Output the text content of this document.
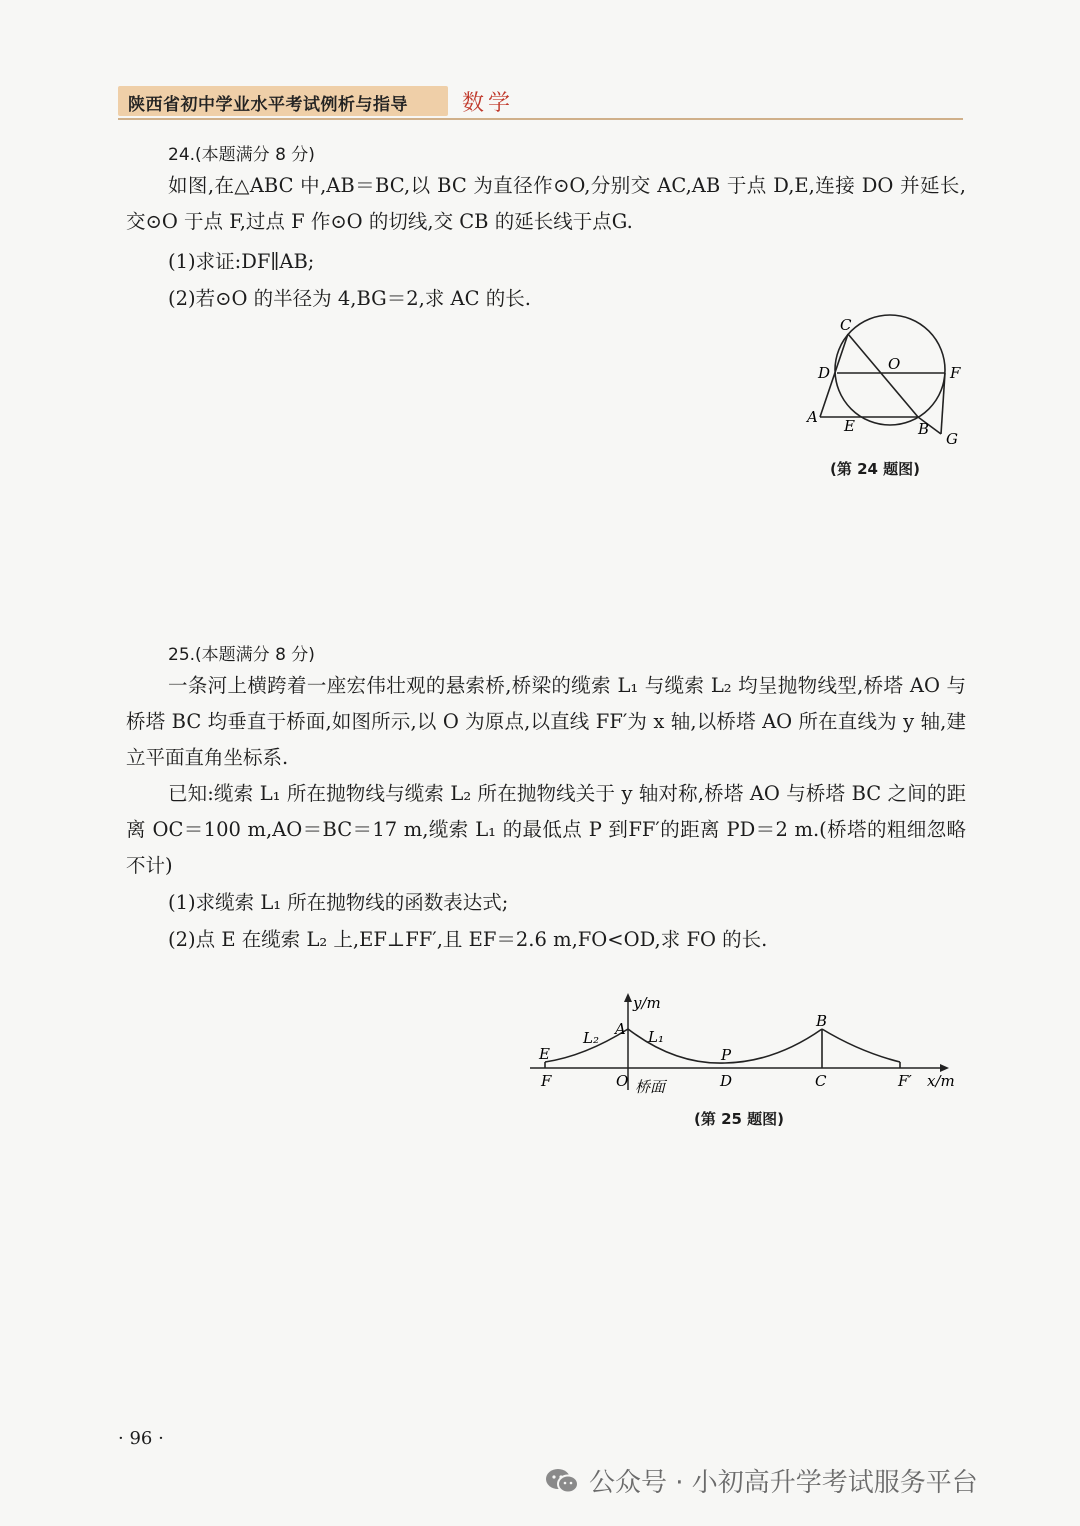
陕西省初中学业水平考试例析与指导 数学
24.(本题满分 8 分)
如图,在△ABC 中,AB＝BC,以 BC 为直径作⊙O,分别交 AC,AB 于点 D,E,连接 DO 并延长,交⊙O 于点 F,过点 F 作⊙O 的切线,交 CB 的延长线于点G.
(1)求证:DF∥AB;
(2)若⊙O 的半径为 4,BG＝2,求 AC 的长.
C
O
D	F
A E	B
G
(第 24 题图)
25.(本题满分 8 分)
一条河上横跨着一座宏伟壮观的悬索桥,桥梁的缆索 L₁ 与缆索 L₂ 均呈抛物线型,桥塔 AO 与桥塔 BC 均垂直于桥面,如图所示,以 O 为原点,以直线 FF′为 x 轴,以桥塔 AO 所在直线为 y 轴,建立平面直角坐标系.
已知:缆索 L₁ 所在抛物线与缆索 L₂ 所在抛物线关于 y 轴对称,桥塔 AO 与桥塔 BC 之间的距离 OC＝100 m,AO＝BC＝17 m,缆索 L₁ 的最低点 P 到FF′的距离 PD＝2 m.(桥塔的粗细忽略不计)
(1)求缆索 L₁ 所在抛物线的函数表达式;
(2)点 E 在缆索 L₂ 上,EF⊥FF′,且 EF＝2.6 m,FO<OD,求 FO 的长.
y/m
A
L₂	L₁
B
E	P
F	O 桥面	D	C	F′ x/m
(第 25 题图)
· 96 ·
公众号 · 小初高升学考试服务平台
